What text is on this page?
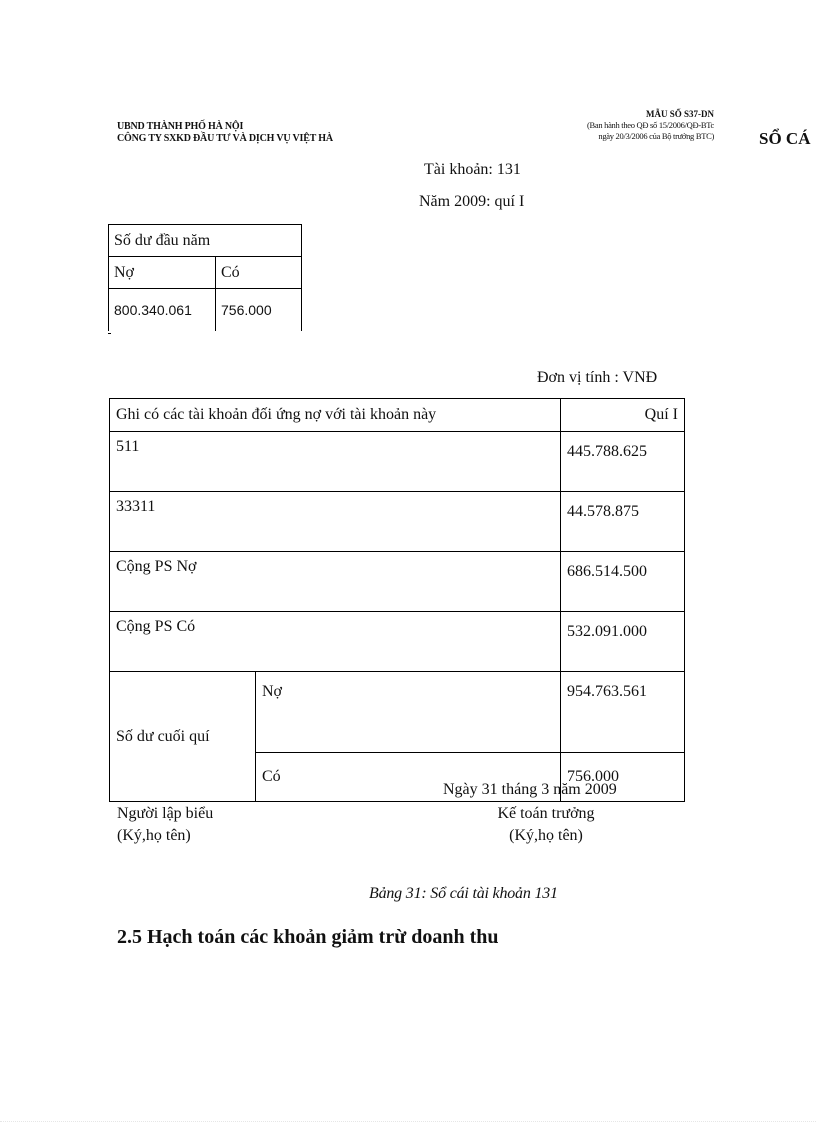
UBND THÀNH PHỐ HÀ NỘI
CÔNG TY SXKD ĐẦU TƯ VÀ DỊCH VỤ VIỆT HÀ
MẪU SỐ S37-DN
(Ban hành theo QĐ số 15/2006/QĐ-BTc
ngày 20/3/2006 của Bộ trưởng BTC)	SỔ CÁ
Tài khoản: 131
Năm 2009: quí I
Số dư đầu năm	
Nợ	Có
800.340.061	756.000
Đơn vị tính : VNĐ
Ghi có các tài khoản đối ứng nợ với tài khoản này		Quí I
511		445.788.625
33311		44.578.875
Cộng PS Nợ		686.514.500
Cộng PS Có		532.091.000
Số dư cuối quí	Nợ	954.763.561
	Có	756.000
Ngày 31 tháng 3 năm 2009
Người lập biểu
(Ký,họ tên)
Kế toán trưởng
(Ký,họ tên)
Bảng 31: Sổ cái tài khoản 131
2.5 Hạch toán các khoản giảm trừ doanh thu
